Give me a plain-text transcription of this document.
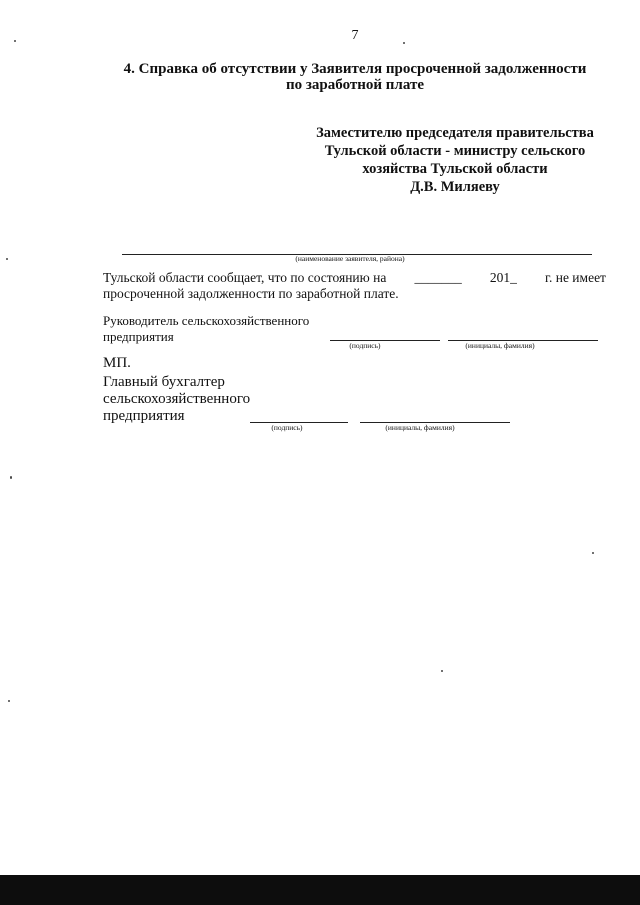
7
4. Справка об отсутствии у Заявителя просроченной задолженности
по заработной плате
Заместителю председателя правительства
Тульской области - министру сельского
хозяйства Тульской области
Д.В. Миляеву
(наименование заявителя, района)
Тульской области сообщает, что по состоянию на _______ 201_ г. не имеет
просроченной задолженности по заработной плате.
Руководитель сельскохозяйственного
предприятия
(подпись)	(инициалы, фамилия)
МП.
Главный бухгалтер
сельскохозяйственного
предприятия
(подпись)	(инициалы, фамилия)
